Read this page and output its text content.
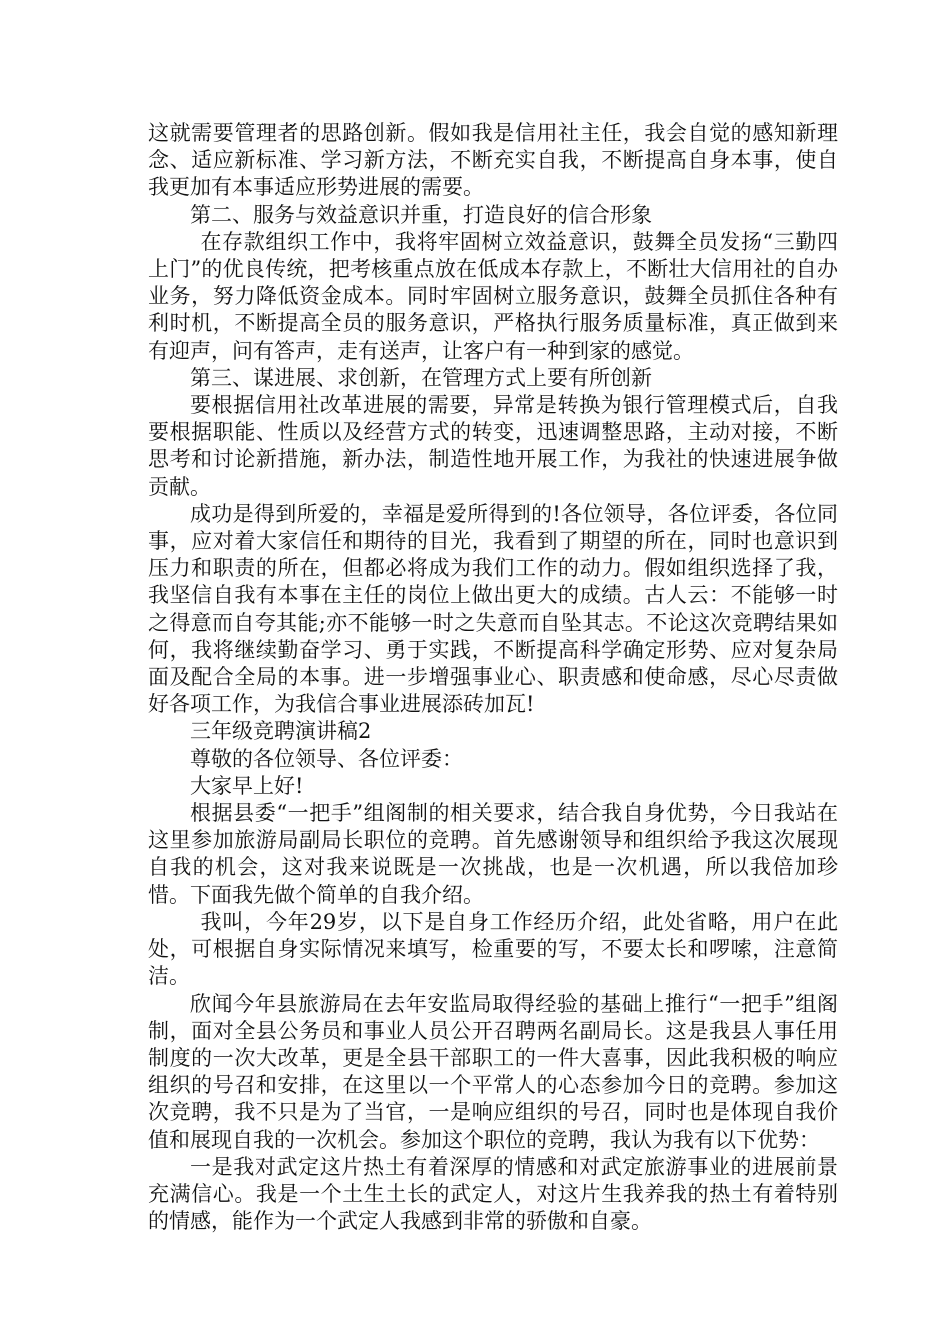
这就需要管理者的思路创新。假如我是信用社主任，我会自觉的感知新理念、适应新标准、学习新方法，不断充实自我，不断提高自身本事，使自我更加有本事适应形势进展的需要。

第二、服务与效益意识并重，打造良好的信合形象

在存款组织工作中，我将牢固树立效益意识，鼓舞全员发扬“三勤四上门”的优良传统，把考核重点放在低成本存款上，不断壮大信用社的自办业务，努力降低资金成本。同时牢固树立服务意识，鼓舞全员抓住各种有利时机，不断提高全员的服务意识，严格执行服务质量标准，真正做到来有迎声，问有答声，走有送声，让客户有一种到家的感觉。

第三、谋进展、求创新，在管理方式上要有所创新

要根据信用社改革进展的需要，异常是转换为银行管理模式后，自我要根据职能、性质以及经营方式的转变，迅速调整思路，主动对接，不断思考和讨论新措施，新办法，制造性地开展工作，为我社的快速进展争做贡献。

成功是得到所爱的，幸福是爱所得到的!各位领导，各位评委，各位同事，应对着大家信任和期待的目光，我看到了期望的所在，同时也意识到压力和职责的所在，但都必将成为我们工作的动力。假如组织选择了我，我坚信自我有本事在主任的岗位上做出更大的成绩。古人云：不能够一时之得意而自夸其能;亦不能够一时之失意而自坠其志。不论这次竞聘结果如何，我将继续勤奋学习、勇于实践，不断提高科学确定形势、应对复杂局面及配合全局的本事。进一步增强事业心、职责感和使命感，尽心尽责做好各项工作，为我信合事业进展添砖加瓦!

三年级竞聘演讲稿2

尊敬的各位领导、各位评委：

大家早上好!

根据县委“一把手”组阁制的相关要求，结合我自身优势，今日我站在这里参加旅游局副局长职位的竞聘。首先感谢领导和组织给予我这次展现自我的机会，这对我来说既是一次挑战，也是一次机遇，所以我倍加珍惜。下面我先做个简单的自我介绍。

我叫，今年29岁，以下是自身工作经历介绍，此处省略，用户在此处，可根据自身实际情况来填写，检重要的写，不要太长和啰嗦，注意简洁。

欣闻今年县旅游局在去年安监局取得经验的基础上推行“一把手”组阁制，面对全县公务员和事业人员公开召聘两名副局长。这是我县人事任用制度的一次大改革，更是全县干部职工的一件大喜事，因此我积极的响应组织的号召和安排，在这里以一个平常人的心态参加今日的竞聘。参加这次竞聘，我不只是为了当官，一是响应组织的号召，同时也是体现自我价值和展现自我的一次机会。参加这个职位的竞聘，我认为我有以下优势：

一是我对武定这片热土有着深厚的情感和对武定旅游事业的进展前景充满信心。我是一个土生土长的武定人，对这片生我养我的热土有着特别的情感，能作为一个武定人我感到非常的骄傲和自豪。
